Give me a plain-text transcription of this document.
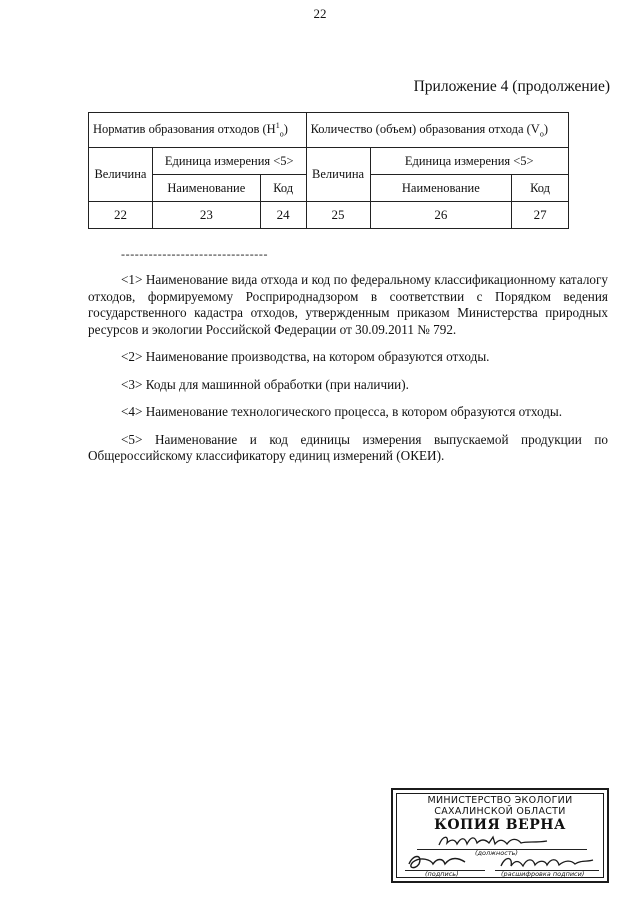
22
Приложение 4 (продолжение)
Норматив образования отходов $(Н^1_о)$			Количество (объем) образования отхода $(V_о)$		
Величина	Единица измерения <5>		Величина	Единица измерения <5>	
	Наименование	Код		Наименование	Код
22	23	24	25	26	27
--------------------------------

<1> Наименование вида отхода и код по федеральному классификационному каталогу отходов, формируемому Росприроднадзором в соответствии с Порядком ведения государственного кадастра отходов, утвержденным приказом Министерства природных ресурсов и экологии Российской Федерации от 30.09.2011 № 792.

<2> Наименование производства, на котором образуются отходы.

<3> Коды для машинной обработки (при наличии).

<4> Наименование технологического процесса, в котором образуются отходы.

<5> Наименование и код единицы измерения выпускаемой продукции по Общероссийскому классификатору единиц измерений (ОКЕИ).

МИНИСТЕРСТВО ЭКОЛОГИИ
САХАЛИНСКОЙ ОБЛАСТИ
КОПИЯ ВЕРНА
(должность)
(подпись)	(расшифровка подписи)
